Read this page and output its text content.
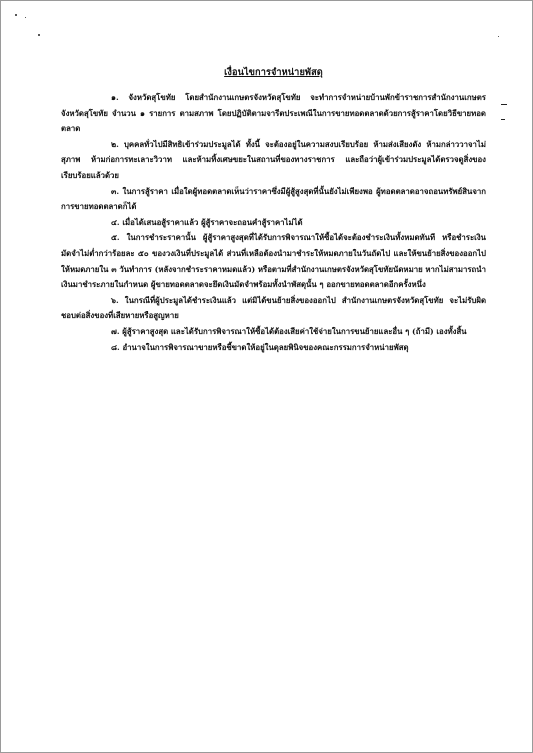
เงื่อนไขการจำหน่ายพัสดุ

๑. จังหวัดสุโขทัย โดยสำนักงานเกษตรจังหวัดสุโขทัย จะทำการจำหน่ายบ้านพักข้าราชการสำนักงานเกษตรจังหวัดสุโขทัย จำนวน ๑ รายการ ตามสภาพ โดยปฏิบัติตามจารีตประเพณีในการขายทอดตลาดด้วยการสู้ราคาโดยวิธีขายทอดตลาด

๒. บุคคลทั่วไปมีสิทธิเข้าร่วมประมูลได้ ทั้งนี้ จะต้องอยู่ในความสงบเรียบร้อย ห้ามส่งเสียงดัง ห้ามกล่าววาจาไม่สุภาพ ห้ามก่อการทะเลาะวิวาท และห้ามทิ้งเศษขยะในสถานที่ของทางราชการ และถือว่าผู้เข้าร่วมประมูลได้ตรวจดูสิ่งของเรียบร้อยแล้วด้วย

๓. ในการสู้ราคา เมื่อใดผู้ทอดตลาดเห็นว่าราคาซึ่งมีผู้สู้สูงสุดที่นั้นยังไม่เพียงพอ ผู้ทอดตลาดอาจถอนทรัพย์สินจากการขายทอดตลาดก็ได้

๔. เมื่อได้เสนอสู้ราคาแล้ว ผู้สู้ราคาจะถอนคำสู้ราคาไม่ได้

๕. ในการชำระราคานั้น ผู้สู้ราคาสูงสุดที่ได้รับการพิจารณาให้ซื้อได้จะต้องชำระเงินทั้งหมดทันที หรือชำระเงินมัดจำไม่ต่ำกว่าร้อยละ ๕๐ ของวงเงินที่ประมูลได้ ส่วนที่เหลือต้องนำมาชำระให้หมดภายในวันถัดไป และให้ขนย้ายสิ่งของออกไปให้หมดภายใน ๓ วันทำการ (หลังจากชำระราคาหมดแล้ว) หรือตามที่สำนักงานเกษตรจังหวัดสุโขทัยนัดหมาย หากไม่สามารถนำเงินมาชำระภายในกำหนด ผู้ขายทอดตลาดจะยึดเงินมัดจำพร้อมทั้งนำพัสดุนั้น ๆ ออกขายทอดตลาดอีกครั้งหนึ่ง

๖. ในกรณีที่ผู้ประมูลได้ชำระเงินแล้ว แต่มิได้ขนย้ายสิ่งของออกไป สำนักงานเกษตรจังหวัดสุโขทัย จะไม่รับผิดชอบต่อสิ่งของที่เสียหายหรือสูญหาย

๗. ผู้สู้ราคาสูงสุด และได้รับการพิจารณาให้ซื้อได้ต้องเสียค่าใช้จ่ายในการขนย้ายและอื่น ๆ (ถ้ามี) เองทั้งสิ้น

๘. อำนาจในการพิจารณาขายหรือชี้ขาดให้อยู่ในดุลยพินิจของคณะกรรมการจำหน่ายพัสดุ
